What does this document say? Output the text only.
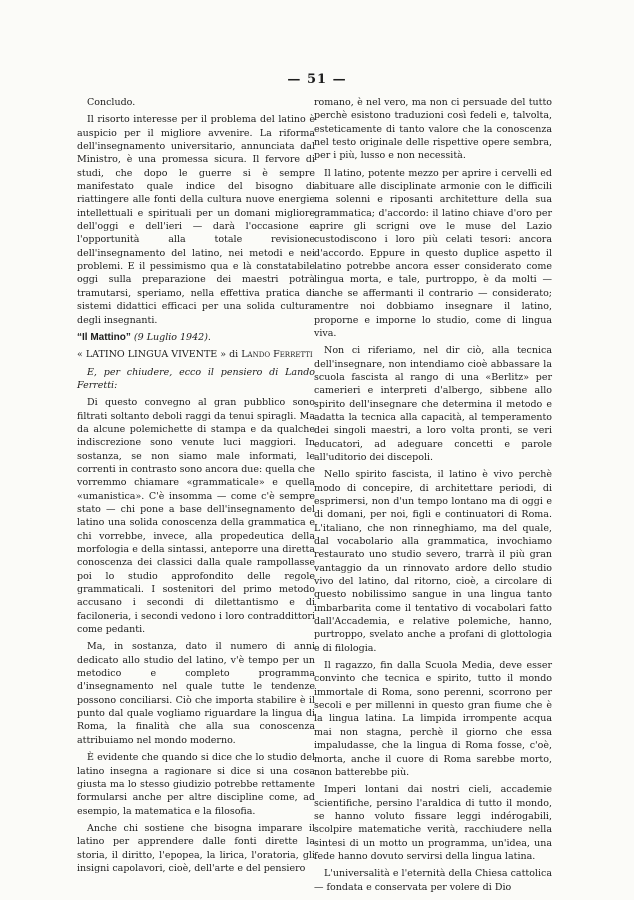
— 51 —

Concludo.

Il risorto interesse per il problema del latino è auspicio per il migliore avvenire. La riforma dell'insegnamento universitario, annunciata dal Ministro, è una promessa sicura. Il fervore di studi, che dopo le guerre si è sempre manifestato quale indice del bisogno di riattingere alle fonti della cultura nuove energie intellettuali e spirituali per un domani migliore dell'oggi e dell'ieri — darà l'occasione e l'opportunità alla totale revisione dell'insegnamento del latino, nei metodi e nei problemi. E il pessimismo qua e là constatabile oggi sulla preparazione dei maestri potrà tramutarsi, speriamo, nella effettiva pratica di sistemi didattici efficaci per una solida cultura degli insegnanti.

“Il Mattino” (9 Luglio 1942).

« LATINO LINGUA VIVENTE » di Lando Ferretti

E, per chiudere, ecco il pensiero di Lando Ferretti:

Di questo convegno al gran pubblico sono filtrati soltanto deboli raggi da tenui spiragli. Ma da alcune polemichette di stampa e da qualche indiscrezione sono venute luci maggiori. In sostanza, se non siamo male informati, le correnti in contrasto sono ancora due: quella che vorremmo chiamare «grammaticale» e quella «umanistica». C'è insomma — come c'è sempre stato — chi pone a base dell'insegnamento del latino una solida conoscenza della grammatica e chi vorrebbe, invece, alla propedeutica della morfologia e della sintassi, anteporre una diretta conoscenza dei classici dalla quale rampollasse poi lo studio approfondito delle regole grammaticali. I sostenitori del primo metodo accusano i secondi di dilettantismo e di faciloneria, i secondi vedono i loro contraddittori come pedanti.

Ma, in sostanza, dato il numero di anni dedicato allo studio del latino, v'è tempo per un metodico e completo programma d'insegnamento nel quale tutte le tendenze possono conciliarsi. Ciò che importa stabilire è il punto dal quale vogliamo riguardare la lingua di Roma, la finalità che alla sua conoscenza attribuiamo nel mondo moderno.

È evidente che quando si dice che lo studio del latino insegna a ragionare si dice si una cosa giusta ma lo stesso giudizio potrebbe rettamente formularsi anche per altre discipline come, ad esempio, la matematica e la filosofia.

Anche chi sostiene che bisogna imparare il latino per apprendere dalle fonti dirette la storia, il diritto, l'epopea, la lirica, l'oratoria, gli insigni capolavori, cioè, dell'arte e del pensiero

romano, è nel vero, ma non ci persuade del tutto perchè esistono traduzioni così fedeli e, talvolta, esteticamente di tanto valore che la conoscenza nel testo originale delle rispettive opere sembra, per i più, lusso e non necessità.

Il latino, potente mezzo per aprire i cervelli ed abituare alle disciplinate armonie con le difficili ma solenni e riposanti architetture della sua grammatica; d'accordo: il latino chiave d'oro per aprire gli scrigni ove le muse del Lazio custodiscono i loro più celati tesori: ancora d'accordo. Eppure in questo duplice aspetto il latino potrebbe ancora esser considerato come lingua morta, e tale, purtroppo, è da molti — anche se affermanti il contrario — considerato; mentre noi dobbiamo insegnare il latino, proporne e imporne lo studio, come di lingua viva.

Non ci riferiamo, nel dir ciò, alla tecnica dell'insegnare, non intendiamo cioè abbassare la scuola fascista al rango di una «Berlitz» per camerieri e interpreti d'albergo, sibbene allo spirito dell'insegnare che determina il metodo e adatta la tecnica alla capacità, al temperamento dei singoli maestri, a loro volta pronti, se veri educatori, ad adeguare concetti e parole all'uditorio dei discepoli.

Nello spirito fascista, il latino è vivo perchè modo di concepire, di architettare periodi, di esprimersi, non d'un tempo lontano ma di oggi e di domani, per noi, figli e continuatori di Roma. L'italiano, che non rinneghiamo, ma del quale, dal vocabolario alla grammatica, invochiamo restaurato uno studio severo, trarrà il più gran vantaggio da un rinnovato ardore dello studio vivo del latino, dal ritorno, cioè, a circolare di questo nobilissimo sangue in una lingua tanto imbarbarita come il tentativo di vocabolari fatto dall'Accademia, e relative polemiche, hanno, purtroppo, svelato anche a profani di glottologia e di filologia.

Il ragazzo, fin dalla Scuola Media, deve esser convinto che tecnica e spirito, tutto il mondo immortale di Roma, sono perenni, scorrono per secoli e per millenni in questo gran fiume che è la lingua latina. La limpida irrompente acqua mai non stagna, perchè il giorno che essa impaludasse, che la lingua di Roma fosse, c'oè, morta, anche il cuore di Roma sarebbe morto, non batterebbe più.

Imperi lontani dai nostri cieli, accademie scientifiche, persino l'araldica di tutto il mondo, se hanno voluto fissare leggi indérogabili, scolpire matematiche verità, racchiudere nella sintesi di un motto un programma, un'idea, una fede hanno dovuto servirsi della lingua latina.

L'universalità e l'eternità della Chiesa cattolica — fondata e conservata per volere di Dio
